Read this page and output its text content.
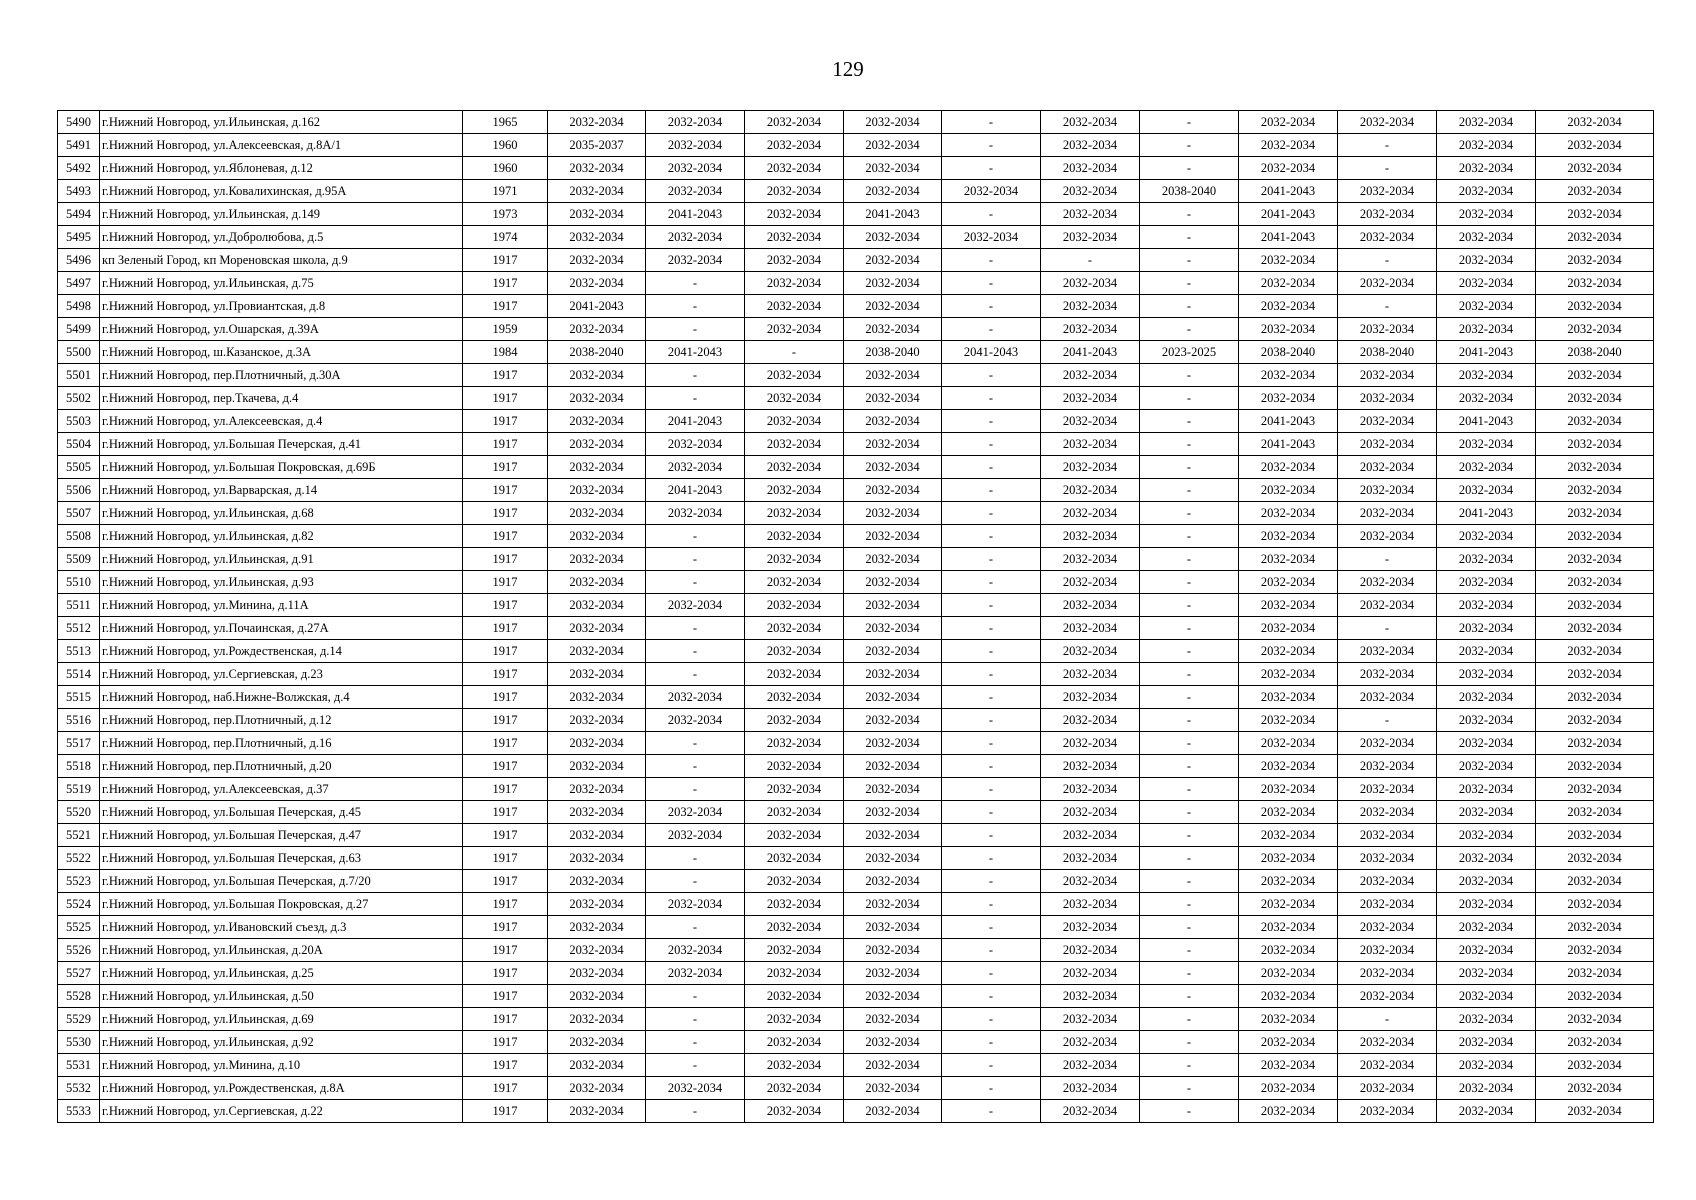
129
5490	г.Нижний Новгород, ул.Ильинская, д.162	1965	2032-2034	2032-2034	2032-2034	2032-2034	-	2032-2034	-	2032-2034	2032-2034	2032-2034	2032-2034
5491	г.Нижний Новгород, ул.Алексеевская, д.8А/1	1960	2035-2037	2032-2034	2032-2034	2032-2034	-	2032-2034	-	2032-2034	-	2032-2034	2032-2034
5492	г.Нижний Новгород, ул.Яблоневая, д.12	1960	2032-2034	2032-2034	2032-2034	2032-2034	-	2032-2034	-	2032-2034	-	2032-2034	2032-2034
5493	г.Нижний Новгород, ул.Ковалихинская, д.95А	1971	2032-2034	2032-2034	2032-2034	2032-2034	2032-2034	2032-2034	2038-2040	2041-2043	2032-2034	2032-2034	2032-2034
5494	г.Нижний Новгород, ул.Ильинская, д.149	1973	2032-2034	2041-2043	2032-2034	2041-2043	-	2032-2034	-	2041-2043	2032-2034	2032-2034	2032-2034
5495	г.Нижний Новгород, ул.Добролюбова, д.5	1974	2032-2034	2032-2034	2032-2034	2032-2034	2032-2034	2032-2034	-	2041-2043	2032-2034	2032-2034	2032-2034
5496	кп Зеленый Город, кп Мореновская школа, д.9	1917	2032-2034	2032-2034	2032-2034	2032-2034	-	-	-	2032-2034	-	2032-2034	2032-2034
5497	г.Нижний Новгород, ул.Ильинская, д.75	1917	2032-2034	-	2032-2034	2032-2034	-	2032-2034	-	2032-2034	2032-2034	2032-2034	2032-2034
5498	г.Нижний Новгород, ул.Провиантская, д.8	1917	2041-2043	-	2032-2034	2032-2034	-	2032-2034	-	2032-2034	-	2032-2034	2032-2034
5499	г.Нижний Новгород, ул.Ошарская, д.39А	1959	2032-2034	-	2032-2034	2032-2034	-	2032-2034	-	2032-2034	2032-2034	2032-2034	2032-2034
5500	г.Нижний Новгород, ш.Казанское, д.3А	1984	2038-2040	2041-2043	-	2038-2040	2041-2043	2041-2043	2023-2025	2038-2040	2038-2040	2041-2043	2038-2040
5501	г.Нижний Новгород, пер.Плотничный, д.30А	1917	2032-2034	-	2032-2034	2032-2034	-	2032-2034	-	2032-2034	2032-2034	2032-2034	2032-2034
5502	г.Нижний Новгород, пер.Ткачева, д.4	1917	2032-2034	-	2032-2034	2032-2034	-	2032-2034	-	2032-2034	2032-2034	2032-2034	2032-2034
5503	г.Нижний Новгород, ул.Алексеевская, д.4	1917	2032-2034	2041-2043	2032-2034	2032-2034	-	2032-2034	-	2041-2043	2032-2034	2041-2043	2032-2034
5504	г.Нижний Новгород, ул.Большая Печерская, д.41	1917	2032-2034	2032-2034	2032-2034	2032-2034	-	2032-2034	-	2041-2043	2032-2034	2032-2034	2032-2034
5505	г.Нижний Новгород, ул.Большая Покровская, д.69Б	1917	2032-2034	2032-2034	2032-2034	2032-2034	-	2032-2034	-	2032-2034	2032-2034	2032-2034	2032-2034
5506	г.Нижний Новгород, ул.Варварская, д.14	1917	2032-2034	2041-2043	2032-2034	2032-2034	-	2032-2034	-	2032-2034	2032-2034	2032-2034	2032-2034
5507	г.Нижний Новгород, ул.Ильинская, д.68	1917	2032-2034	2032-2034	2032-2034	2032-2034	-	2032-2034	-	2032-2034	2032-2034	2041-2043	2032-2034
5508	г.Нижний Новгород, ул.Ильинская, д.82	1917	2032-2034	-	2032-2034	2032-2034	-	2032-2034	-	2032-2034	2032-2034	2032-2034	2032-2034
5509	г.Нижний Новгород, ул.Ильинская, д.91	1917	2032-2034	-	2032-2034	2032-2034	-	2032-2034	-	2032-2034	-	2032-2034	2032-2034
5510	г.Нижний Новгород, ул.Ильинская, д.93	1917	2032-2034	-	2032-2034	2032-2034	-	2032-2034	-	2032-2034	2032-2034	2032-2034	2032-2034
5511	г.Нижний Новгород, ул.Минина, д.11А	1917	2032-2034	2032-2034	2032-2034	2032-2034	-	2032-2034	-	2032-2034	2032-2034	2032-2034	2032-2034
5512	г.Нижний Новгород, ул.Почаинская, д.27А	1917	2032-2034	-	2032-2034	2032-2034	-	2032-2034	-	2032-2034	-	2032-2034	2032-2034
5513	г.Нижний Новгород, ул.Рождественская, д.14	1917	2032-2034	-	2032-2034	2032-2034	-	2032-2034	-	2032-2034	2032-2034	2032-2034	2032-2034
5514	г.Нижний Новгород, ул.Сергиевская, д.23	1917	2032-2034	-	2032-2034	2032-2034	-	2032-2034	-	2032-2034	2032-2034	2032-2034	2032-2034
5515	г.Нижний Новгород, наб.Нижне-Волжская, д.4	1917	2032-2034	2032-2034	2032-2034	2032-2034	-	2032-2034	-	2032-2034	2032-2034	2032-2034	2032-2034
5516	г.Нижний Новгород, пер.Плотничный, д.12	1917	2032-2034	2032-2034	2032-2034	2032-2034	-	2032-2034	-	2032-2034	-	2032-2034	2032-2034
5517	г.Нижний Новгород, пер.Плотничный, д.16	1917	2032-2034	-	2032-2034	2032-2034	-	2032-2034	-	2032-2034	2032-2034	2032-2034	2032-2034
5518	г.Нижний Новгород, пер.Плотничный, д.20	1917	2032-2034	-	2032-2034	2032-2034	-	2032-2034	-	2032-2034	2032-2034	2032-2034	2032-2034
5519	г.Нижний Новгород, ул.Алексеевская, д.37	1917	2032-2034	-	2032-2034	2032-2034	-	2032-2034	-	2032-2034	2032-2034	2032-2034	2032-2034
5520	г.Нижний Новгород, ул.Большая Печерская, д.45	1917	2032-2034	2032-2034	2032-2034	2032-2034	-	2032-2034	-	2032-2034	2032-2034	2032-2034	2032-2034
5521	г.Нижний Новгород, ул.Большая Печерская, д.47	1917	2032-2034	2032-2034	2032-2034	2032-2034	-	2032-2034	-	2032-2034	2032-2034	2032-2034	2032-2034
5522	г.Нижний Новгород, ул.Большая Печерская, д.63	1917	2032-2034	-	2032-2034	2032-2034	-	2032-2034	-	2032-2034	2032-2034	2032-2034	2032-2034
5523	г.Нижний Новгород, ул.Большая Печерская, д.7/20	1917	2032-2034	-	2032-2034	2032-2034	-	2032-2034	-	2032-2034	2032-2034	2032-2034	2032-2034
5524	г.Нижний Новгород, ул.Большая Покровская, д.27	1917	2032-2034	2032-2034	2032-2034	2032-2034	-	2032-2034	-	2032-2034	2032-2034	2032-2034	2032-2034
5525	г.Нижний Новгород, ул.Ивановский съезд, д.3	1917	2032-2034	-	2032-2034	2032-2034	-	2032-2034	-	2032-2034	2032-2034	2032-2034	2032-2034
5526	г.Нижний Новгород, ул.Ильинская, д.20А	1917	2032-2034	2032-2034	2032-2034	2032-2034	-	2032-2034	-	2032-2034	2032-2034	2032-2034	2032-2034
5527	г.Нижний Новгород, ул.Ильинская, д.25	1917	2032-2034	2032-2034	2032-2034	2032-2034	-	2032-2034	-	2032-2034	2032-2034	2032-2034	2032-2034
5528	г.Нижний Новгород, ул.Ильинская, д.50	1917	2032-2034	-	2032-2034	2032-2034	-	2032-2034	-	2032-2034	2032-2034	2032-2034	2032-2034
5529	г.Нижний Новгород, ул.Ильинская, д.69	1917	2032-2034	-	2032-2034	2032-2034	-	2032-2034	-	2032-2034	-	2032-2034	2032-2034
5530	г.Нижний Новгород, ул.Ильинская, д.92	1917	2032-2034	-	2032-2034	2032-2034	-	2032-2034	-	2032-2034	2032-2034	2032-2034	2032-2034
5531	г.Нижний Новгород, ул.Минина, д.10	1917	2032-2034	-	2032-2034	2032-2034	-	2032-2034	-	2032-2034	2032-2034	2032-2034	2032-2034
5532	г.Нижний Новгород, ул.Рождественская, д.8А	1917	2032-2034	2032-2034	2032-2034	2032-2034	-	2032-2034	-	2032-2034	2032-2034	2032-2034	2032-2034
5533	г.Нижний Новгород, ул.Сергиевская, д.22	1917	2032-2034	-	2032-2034	2032-2034	-	2032-2034	-	2032-2034	2032-2034	2032-2034	2032-2034
